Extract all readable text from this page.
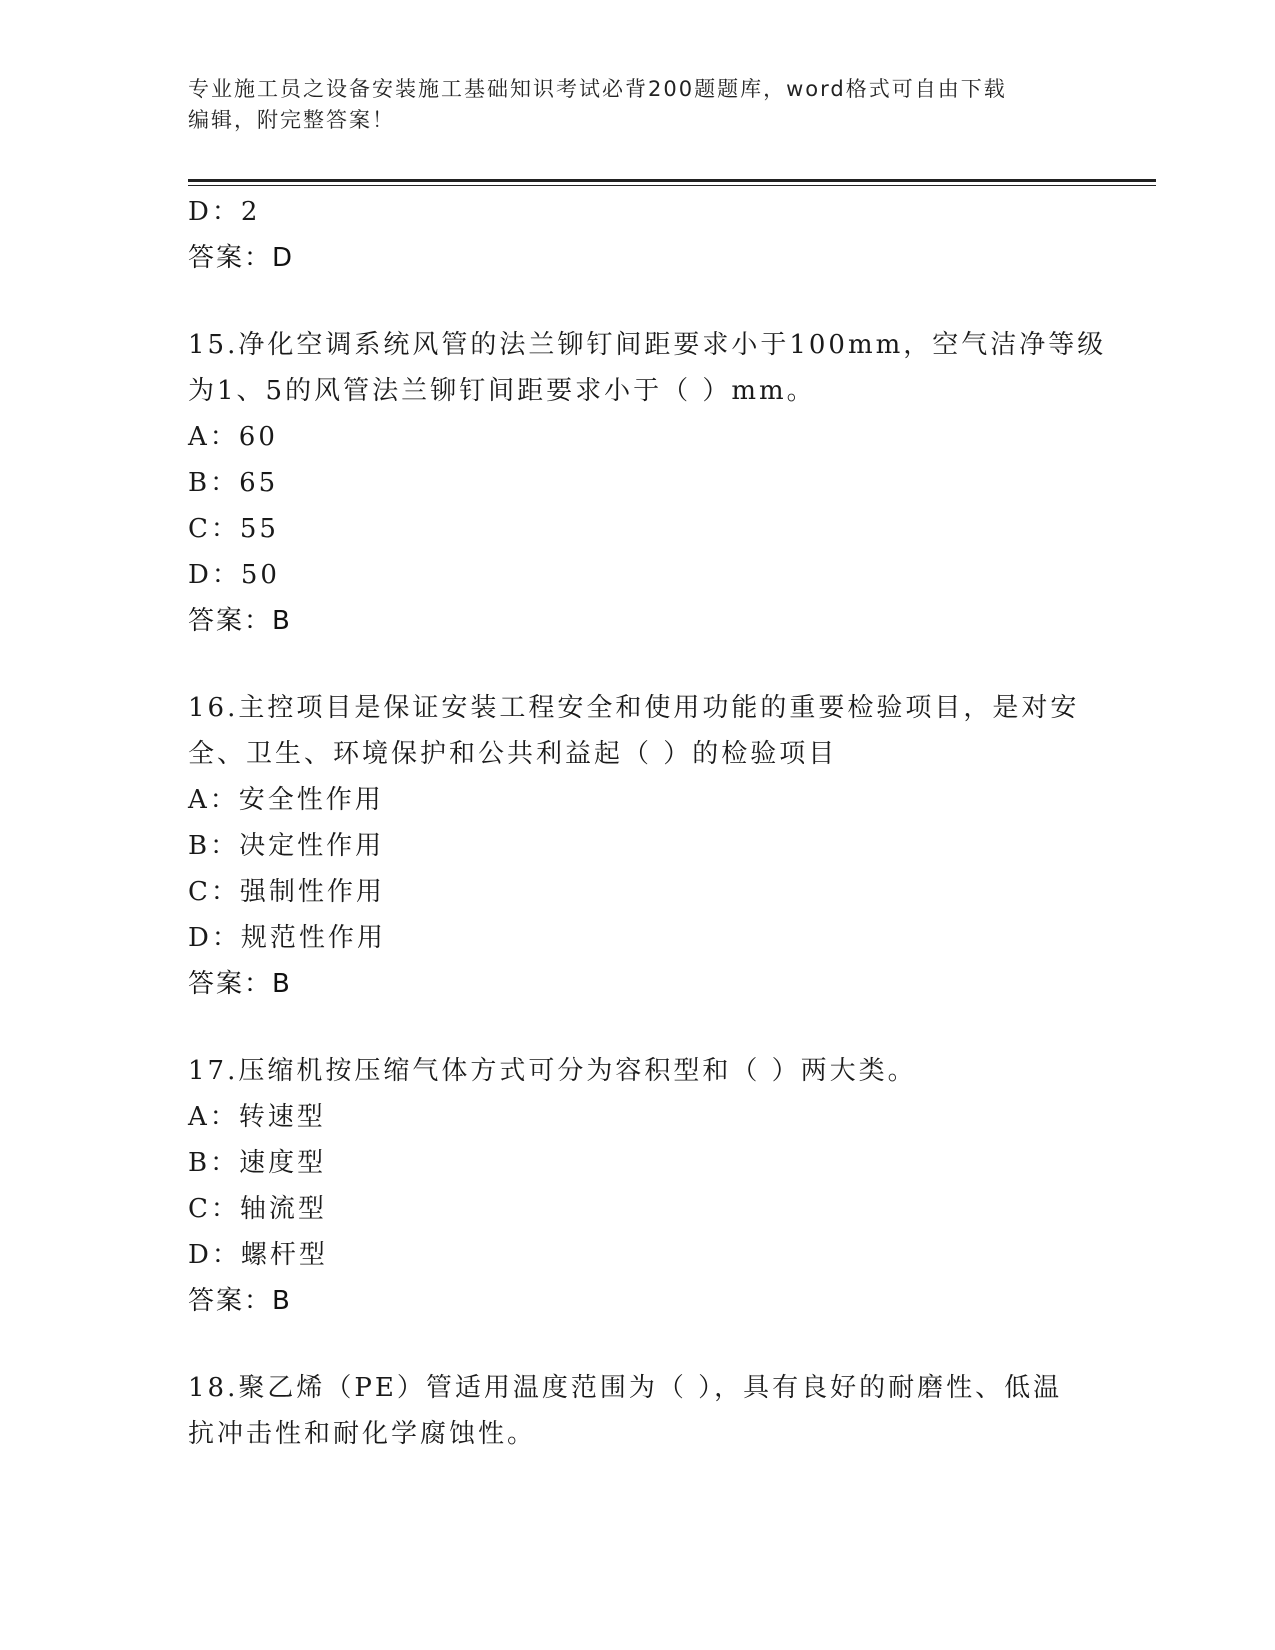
专业施工员之设备安装施工基础知识考试必背200题题库，word格式可自由下载
编辑，附完整答案！
D：2
答案：D
15.净化空调系统风管的法兰铆钉间距要求小于100mm，空气洁净等级
为1、5的风管法兰铆钉间距要求小于（ ）mm。
A：60
B：65
C：55
D：50
答案：B
16.主控项目是保证安装工程安全和使用功能的重要检验项目，是对安
全、卫生、环境保护和公共利益起（ ）的检验项目
A：安全性作用
B：决定性作用
C：强制性作用
D：规范性作用
答案：B
17.压缩机按压缩气体方式可分为容积型和（ ）两大类。
A：转速型
B：速度型
C：轴流型
D：螺杆型
答案：B
18.聚乙烯（PE）管适用温度范围为（ ），具有良好的耐磨性、低温
抗冲击性和耐化学腐蚀性。
